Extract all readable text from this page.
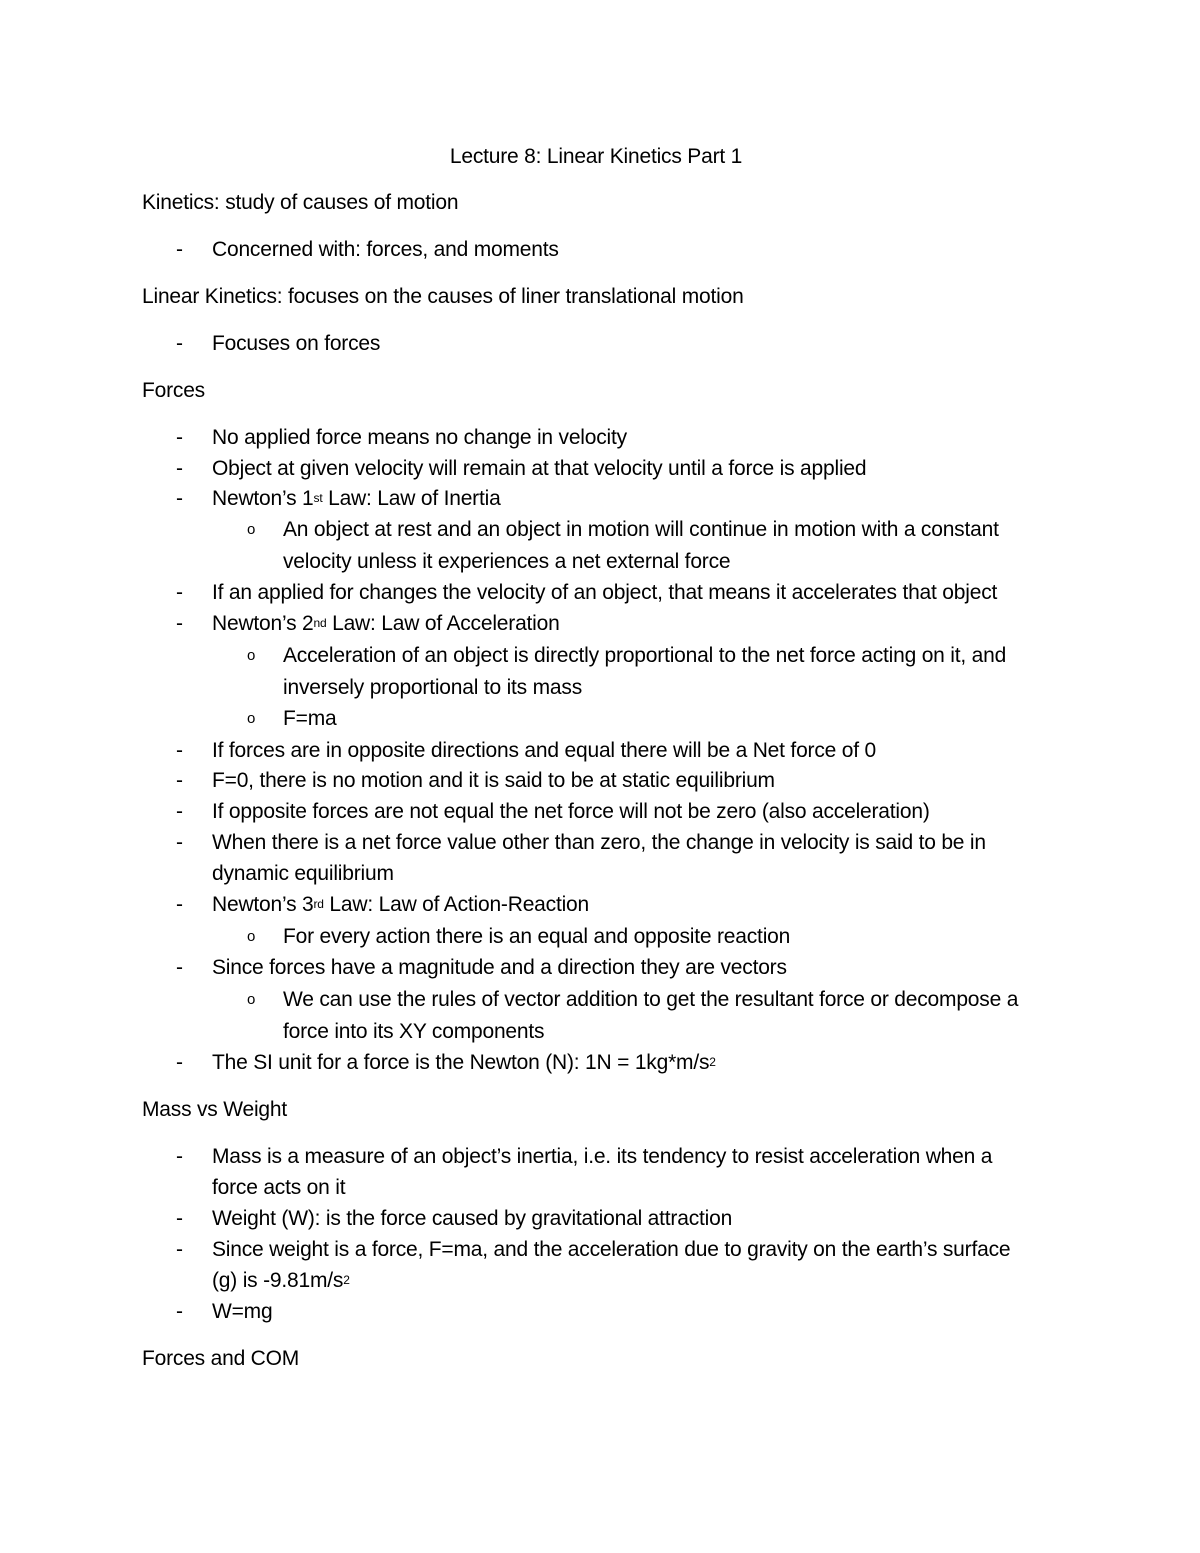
Lecture 8: Linear Kinetics Part 1
Kinetics: study of causes of motion
- Concerned with: forces, and moments
Linear Kinetics: focuses on the causes of liner translational motion
- Focuses on forces
Forces
- No applied force means no change in velocity
- Object at given velocity will remain at that velocity until a force is applied
- Newton’s 1st Law: Law of Inertia
o An object at rest and an object in motion will continue in motion with a constant
velocity unless it experiences a net external force
- If an applied for changes the velocity of an object, that means it accelerates that object
- Newton’s 2nd Law: Law of Acceleration
o Acceleration of an object is directly proportional to the net force acting on it, and
inversely proportional to its mass
o F=ma
- If forces are in opposite directions and equal there will be a Net force of 0
- F=0, there is no motion and it is said to be at static equilibrium
- If opposite forces are not equal the net force will not be zero (also acceleration)
- When there is a net force value other than zero, the change in velocity is said to be in
dynamic equilibrium
- Newton’s 3rd Law: Law of Action-Reaction
o For every action there is an equal and opposite reaction
- Since forces have a magnitude and a direction they are vectors
o We can use the rules of vector addition to get the resultant force or decompose a
force into its XY components
- The SI unit for a force is the Newton (N): $1N = 1kg*m/s^2$
Mass vs Weight
- Mass is a measure of an object’s inertia, i.e. its tendency to resist acceleration when a
force acts on it
- Weight (W): is the force caused by gravitational attraction
- Since weight is a force, F=ma, and the acceleration due to gravity on the earth’s surface
(g) is $-9.81m/s^2$
- W=mg
Forces and COM
